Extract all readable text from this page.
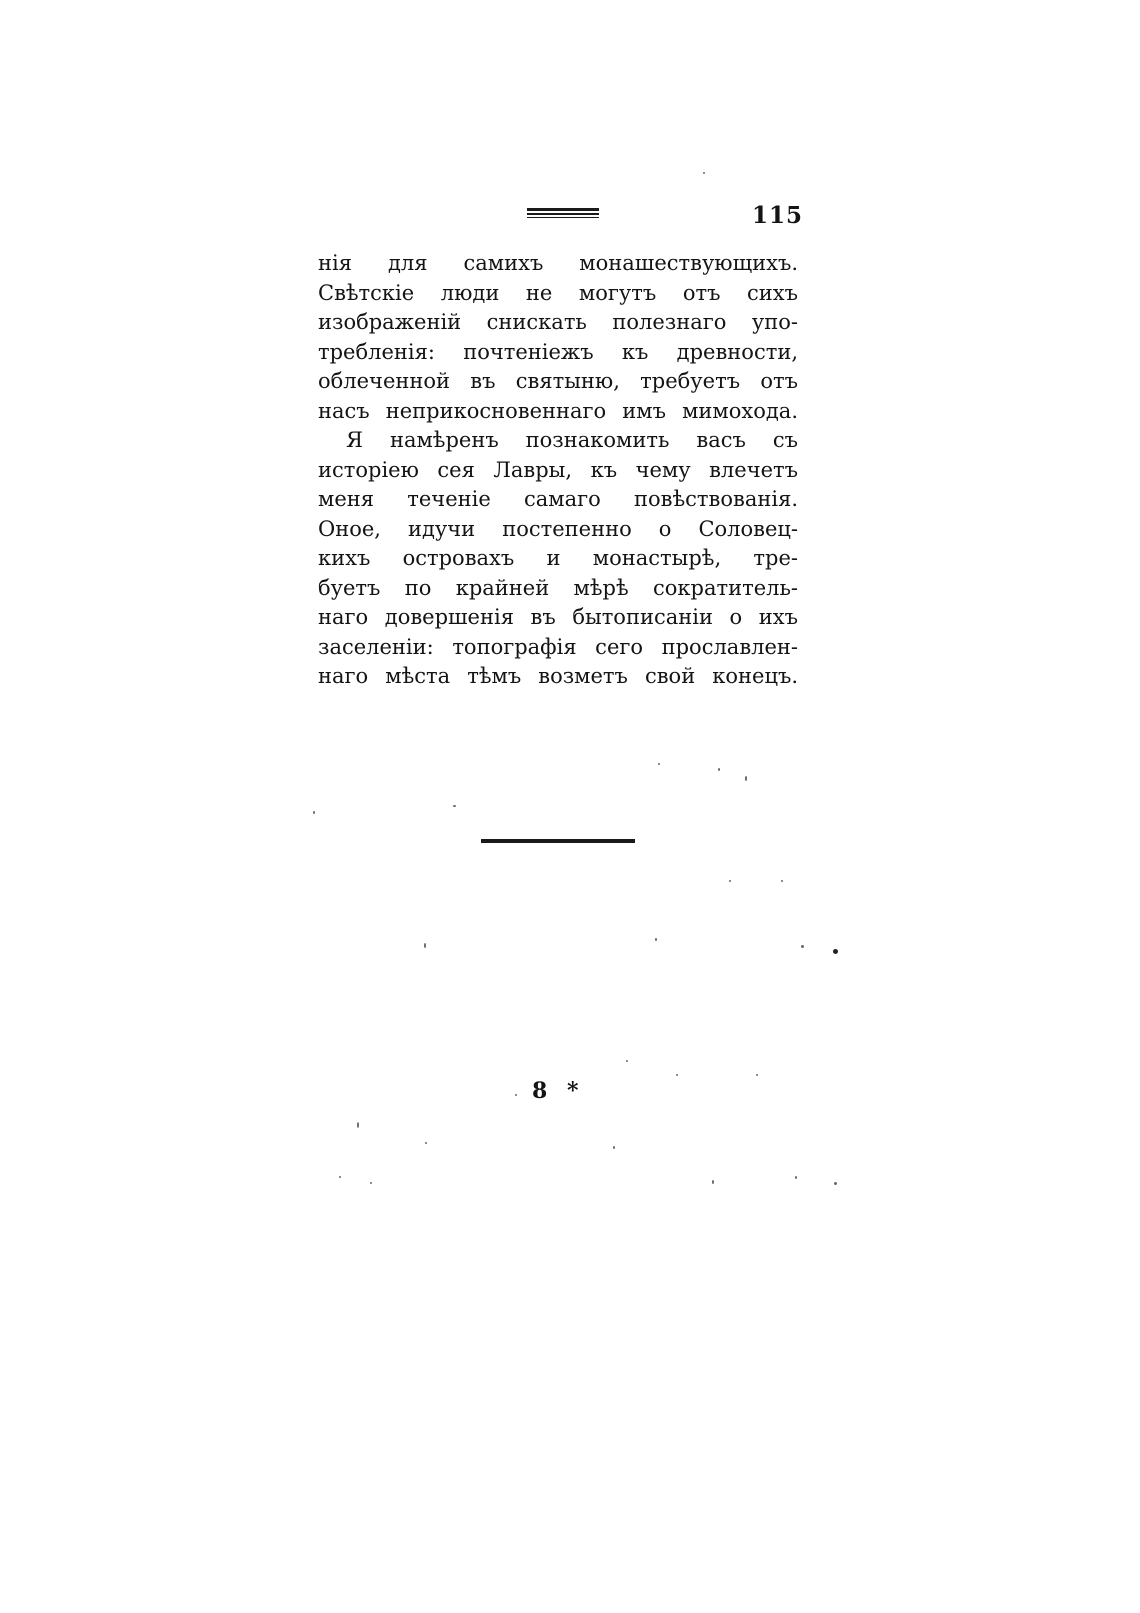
115
нія для самихъ монашествующихъ.
Свѣтскіе люди не могутъ отъ сихъ
изображеній снискать полезнаго упо-
требленія: почтеніежъ къ древности,
облеченной въ святыню, требуетъ отъ
насъ неприкосновеннаго имъ мимохода.
Я намѣренъ познакомить васъ съ
исторіею сея Лавры, къ чему влечетъ
меня теченіе самаго повѣствованія.
Оное, идучи постепенно о Соловец-
кихъ островахъ и монастырѣ, тре-
буетъ по крайней мѣрѣ сократитель-
наго довершенія въ бытописаніи о ихъ
заселеніи: топографія сего прославлен-
наго мѣста тѣмъ возметъ свой конецъ.
8 *
